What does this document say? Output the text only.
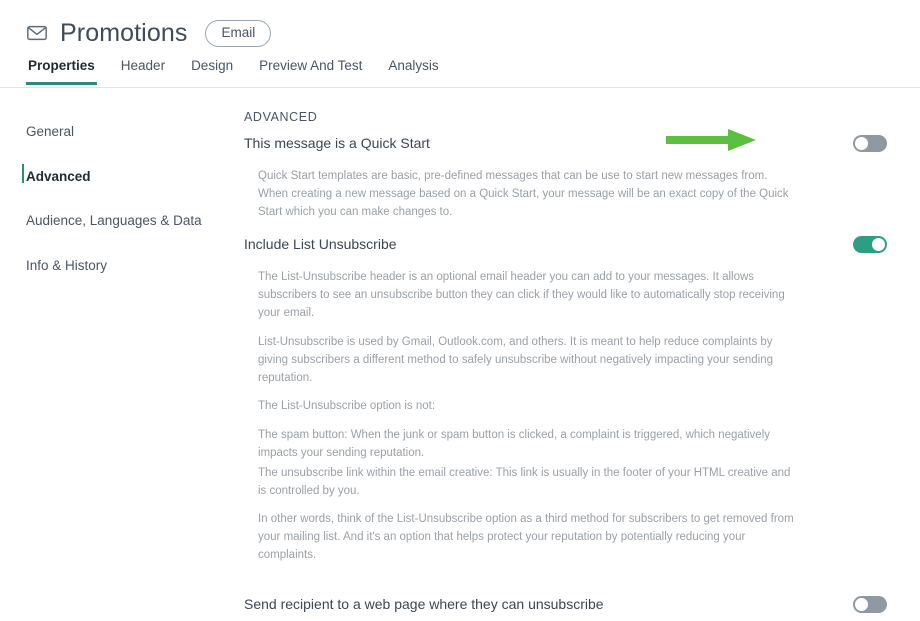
Promotions	Email
Properties Header Design Preview And Test Analysis
General
Advanced
Audience, Languages & Data
Info & History
ADVANCED
This message is a Quick Start
Quick Start templates are basic, pre-defined messages that can be use to start new messages from. When creating a new message based on a Quick Start, your message will be an exact copy of the Quick Start which you can make changes to.
Include List Unsubscribe
The List-Unsubscribe header is an optional email header you can add to your messages. It allows subscribers to see an unsubscribe button they can click if they would like to automatically stop receiving your email.
List-Unsubscribe is used by Gmail, Outlook.com, and others. It is meant to help reduce complaints by giving subscribers a different method to safely unsubscribe without negatively impacting your sending reputation.
The List-Unsubscribe option is not:
The spam button: When the junk or spam button is clicked, a complaint is triggered, which negatively impacts your sending reputation.
The unsubscribe link within the email creative: This link is usually in the footer of your HTML creative and is controlled by you.
In other words, think of the List-Unsubscribe option as a third method for subscribers to get removed from your mailing list. And it's an option that helps protect your reputation by potentially reducing your complaints.
Send recipient to a web page where they can unsubscribe
